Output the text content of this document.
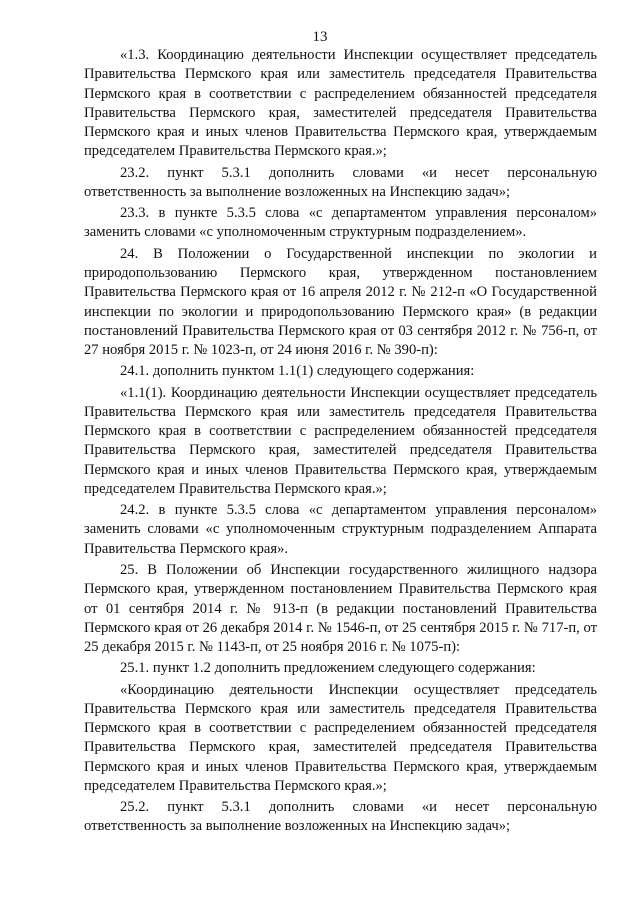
13

«1.3. Координацию деятельности Инспекции осуществляет председатель Правительства Пермского края или заместитель председателя Правительства Пермского края в соответствии с распределением обязанностей председателя Правительства Пермского края, заместителей председателя Правительства Пермского края и иных членов Правительства Пермского края, утверждаемым председателем Правительства Пермского края.»;

23.2. пункт 5.3.1 дополнить словами «и несет персональную ответственность за выполнение возложенных на Инспекцию задач»;

23.3. в пункте 5.3.5 слова «с департаментом управления персоналом» заменить словами «с уполномоченным структурным подразделением».

24. В Положении о Государственной инспекции по экологии и природопользованию Пермского края, утвержденном постановлением Правительства Пермского края от 16 апреля 2012 г. № 212-п «О Государственной инспекции по экологии и природопользованию Пермского края» (в редакции постановлений Правительства Пермского края от 03 сентября 2012 г. № 756-п, от 27 ноября 2015 г. № 1023-п, от 24 июня 2016 г. № 390-п):

24.1. дополнить пунктом 1.1(1) следующего содержания:

«1.1(1). Координацию деятельности Инспекции осуществляет председатель Правительства Пермского края или заместитель председателя Правительства Пермского края в соответствии с распределением обязанностей председателя Правительства Пермского края, заместителей председателя Правительства Пермского края и иных членов Правительства Пермского края, утверждаемым председателем Правительства Пермского края.»;

24.2. в пункте 5.3.5 слова «с департаментом управления персоналом» заменить словами «с уполномоченным структурным подразделением Аппарата Правительства Пермского края».

25. В Положении об Инспекции государственного жилищного надзора Пермского края, утвержденном постановлением Правительства Пермского края от 01 сентября 2014 г. № 913-п (в редакции постановлений Правительства Пермского края от 26 декабря 2014 г. № 1546-п, от 25 сентября 2015 г. № 717-п, от 25 декабря 2015 г. № 1143-п, от 25 ноября 2016 г. № 1075-п):

25.1. пункт 1.2 дополнить предложением следующего содержания:

«Координацию деятельности Инспекции осуществляет председатель Правительства Пермского края или заместитель председателя Правительства Пермского края в соответствии с распределением обязанностей председателя Правительства Пермского края, заместителей председателя Правительства Пермского края и иных членов Правительства Пермского края, утверждаемым председателем Правительства Пермского края.»;

25.2. пункт 5.3.1 дополнить словами «и несет персональную ответственность за выполнение возложенных на Инспекцию задач»;
